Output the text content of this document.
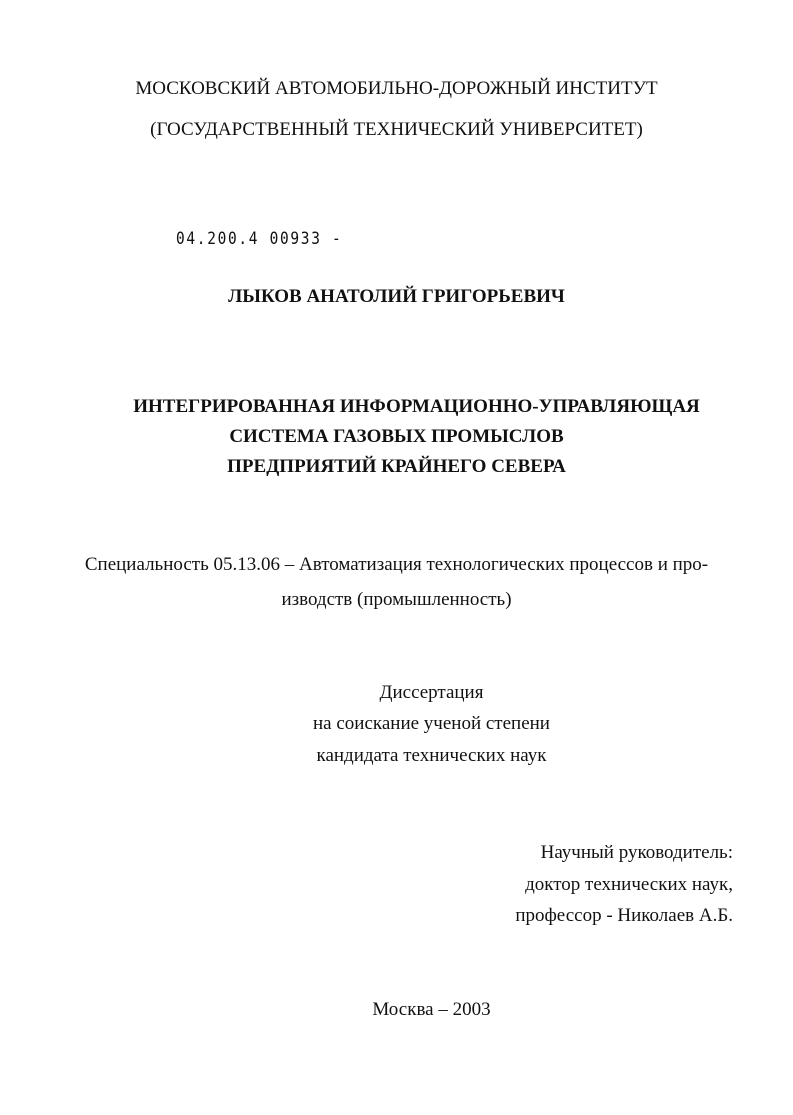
МОСКОВСКИЙ АВТОМОБИЛЬНО-ДОРОЖНЫЙ ИНСТИТУТ
(ГОСУДАРСТВЕННЫЙ ТЕХНИЧЕСКИЙ УНИВЕРСИТЕТ)
04.200.4 00933 -
ЛЫКОВ АНАТОЛИЙ ГРИГОРЬЕВИЧ
ИНТЕГРИРОВАННАЯ ИНФОРМАЦИОННО-УПРАВЛЯЮЩАЯ
СИСТЕМА ГАЗОВЫХ ПРОМЫСЛОВ
ПРЕДПРИЯТИЙ КРАЙНЕГО СЕВЕРА
Специальность 05.13.06 – Автоматизация технологических процессов и про-
изводств (промышленность)
Диссертация
на соискание ученой степени
кандидата технических наук
Научный руководитель:
доктор технических наук,
профессор - Николаев А.Б.
Москва – 2003
